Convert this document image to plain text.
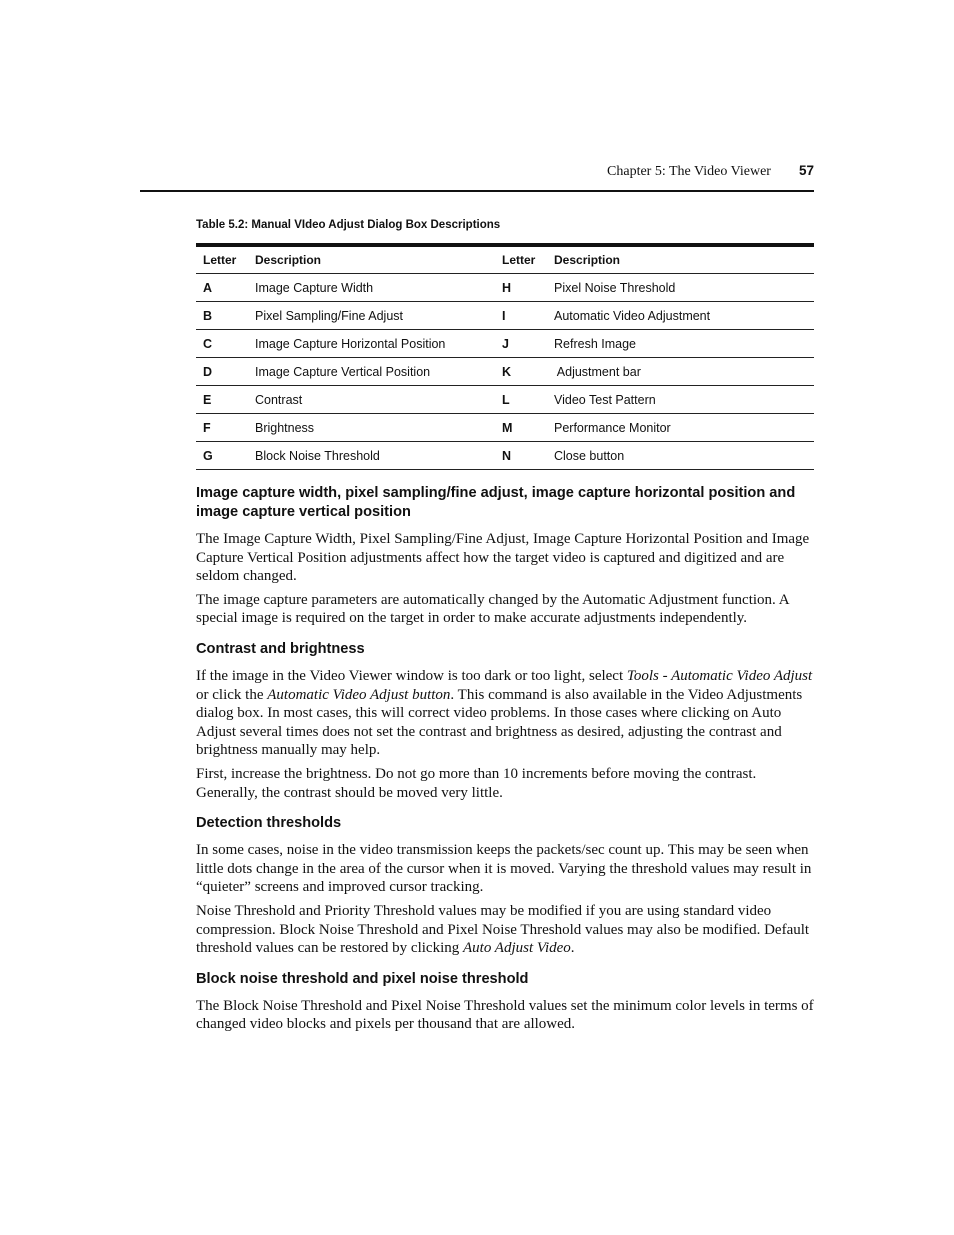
Chapter 5: The Video Viewer 57
Table 5.2: Manual VIdeo Adjust Dialog Box Descriptions
Letter	Description	Letter	Description
A	Image Capture Width	H	Pixel Noise Threshold
B	Pixel Sampling/Fine Adjust	I	Automatic Video Adjustment
C	Image Capture Horizontal Position	J	Refresh Image
D	Image Capture Vertical Position	K	Adjustment bar
E	Contrast	L	Video Test Pattern
F	Brightness	M	Performance Monitor
G	Block Noise Threshold	N	Close button
Image capture width, pixel sampling/fine adjust, image capture horizontal position and image capture vertical position

The Image Capture Width, Pixel Sampling/Fine Adjust, Image Capture Horizontal Position and Image Capture Vertical Position adjustments affect how the target video is captured and digitized and are seldom changed.

The image capture parameters are automatically changed by the Automatic Adjustment function. A special image is required on the target in order to make accurate adjustments independently.

Contrast and brightness

If the image in the Video Viewer window is too dark or too light, select Tools - Automatic Video Adjust or click the Automatic Video Adjust button. This command is also available in the Video Adjustments dialog box. In most cases, this will correct video problems. In those cases where clicking on Auto Adjust several times does not set the contrast and brightness as desired, adjusting the contrast and brightness manually may help.

First, increase the brightness. Do not go more than 10 increments before moving the contrast. Generally, the contrast should be moved very little.

Detection thresholds

In some cases, noise in the video transmission keeps the packets/sec count up. This may be seen when little dots change in the area of the cursor when it is moved. Varying the threshold values may result in “quieter” screens and improved cursor tracking.

Noise Threshold and Priority Threshold values may be modified if you are using standard video compression. Block Noise Threshold and Pixel Noise Threshold values may also be modified. Default threshold values can be restored by clicking Auto Adjust Video.

Block noise threshold and pixel noise threshold

The Block Noise Threshold and Pixel Noise Threshold values set the minimum color levels in terms of changed video blocks and pixels per thousand that are allowed.
